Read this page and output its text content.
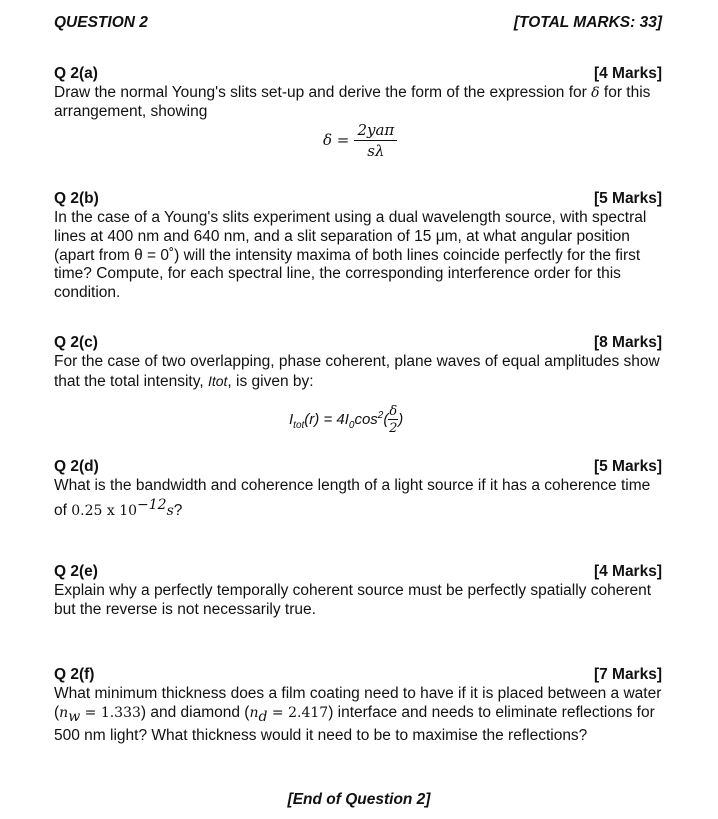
QUESTION 2	[TOTAL MARKS: 33]
Q 2(a)	[4 Marks]
Draw the normal Young's slits set-up and derive the form of the expression for δ for this arrangement, showing
$\delta = \frac{\text{2yaπ}}{s\lambda}$
Q 2(b)	[5 Marks]
In the case of a Young's slits experiment using a dual wavelength source, with spectral lines at 400 nm and 640 nm, and a slit separation of 15 μm, at what angular position (apart from θ = 0˚) will the intensity maxima of both lines coincide perfectly for the first time? Compute, for each spectral line, the corresponding interference order for this condition.
Q 2(c)	[8 Marks]
For the case of two overlapping, phase coherent, plane waves of equal amplitudes show that the total intensity, Itot, is given by:
$I_{tot}(r) = 4I_0\cos^2( \frac{\delta}{2}$ )
Q 2(d)	[5 Marks]
What is the bandwidth and coherence length of a light source if it has a coherence time of 0.25 x $10^{-12}s$?
Q 2(e)	[4 Marks]
Explain why a perfectly temporally coherent source must be perfectly spatially coherent but the reverse is not necessarily true.
Q 2(f)	[7 Marks]
What minimum thickness does a film coating need to have if it is placed between a water $(n_w = 1.333)$ and diamond $(n_d = 2.417)$ interface and needs to eliminate reflections for 500 nm light? What thickness would it need to be to maximise the reflections?
[End of Question 2]
